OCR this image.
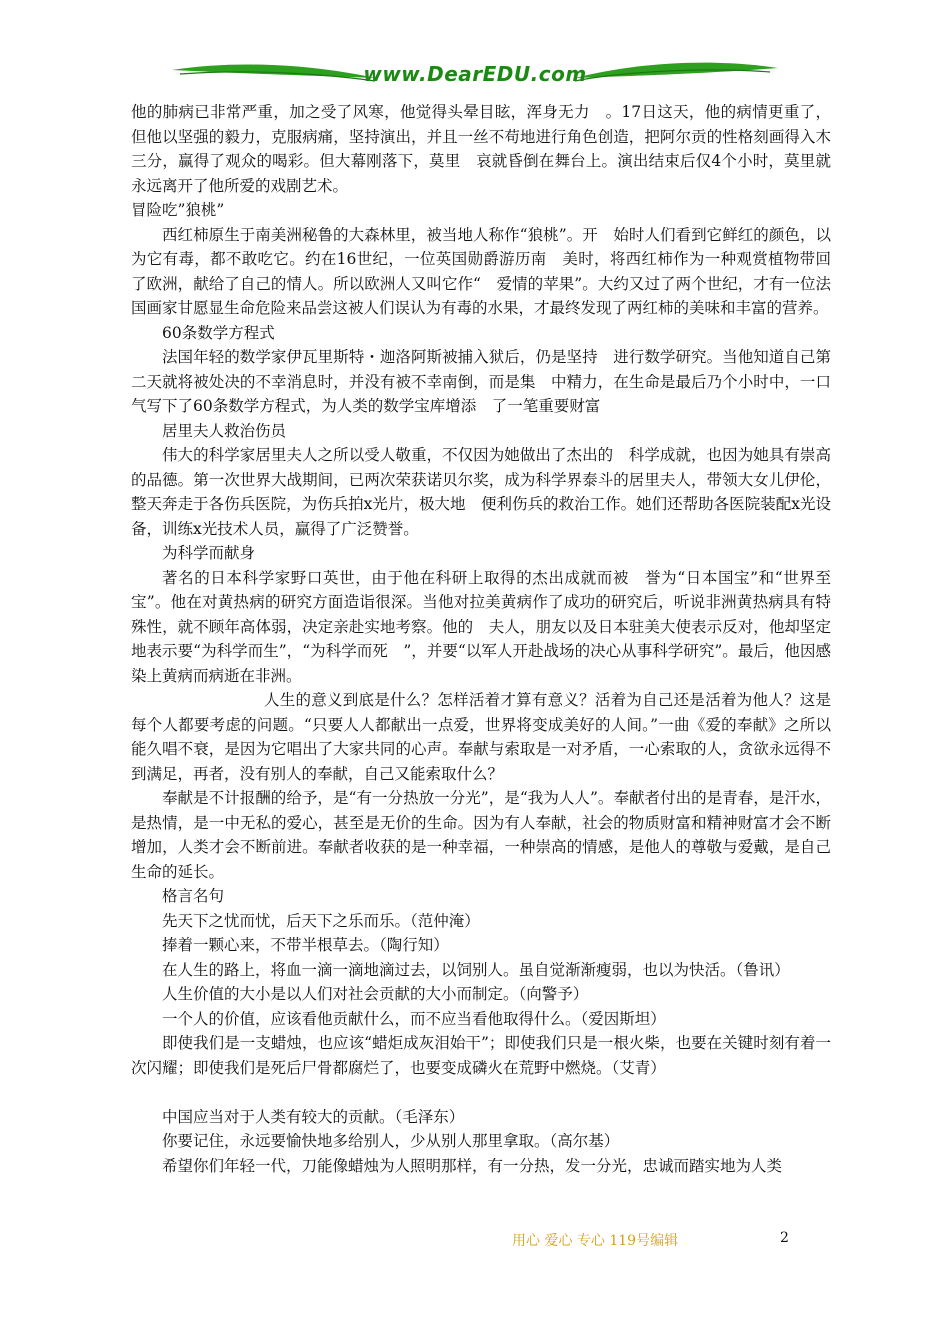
www.DearEDU.com

他的肺病已非常严重，加之受了风寒，他觉得头晕目眩，浑身无力　。17日这天，他的病情更重了，但他以坚强的毅力，克服病痛，坚持演出，并且一丝不苟地进行角色创造，把阿尔贡的性格刻画得入木三分，赢得了观众的喝彩。但大幕刚落下，莫里　哀就昏倒在舞台上。演出结束后仅4个小时，莫里就永远离开了他所爱的戏剧艺术。

冒险吃”狼桃”

西红柿原生于南美洲秘鲁的大森林里，被当地人称作“狼桃”。开　始时人们看到它鲜红的颜色，以为它有毒，都不敢吃它。约在16世纪，一位英国勋爵游历南　美时，将西红柿作为一种观赏植物带回了欧洲，献给了自己的情人。所以欧洲人又叫它作“　爱情的苹果”。大约又过了两个世纪，才有一位法国画家甘愿显生命危险来品尝这被人们误认为有毒的水果，才最终发现了两红柿的美味和丰富的营养。

60条数学方程式

法国年轻的数学家伊瓦里斯特・迦洛阿斯被捕入狱后，仍是坚持　进行数学研究。当他知道自己第二天就将被处决的不幸消息时，并没有被不幸南倒，而是集　中精力，在生命是最后乃个小时中，一口气写下了60条数学方程式，为人类的数学宝库增添　了一笔重要财富

居里夫人救治伤员

伟大的科学家居里夫人之所以受人敬重，不仅因为她做出了杰出的　科学成就，也因为她具有崇高的品德。第一次世界大战期间，已两次荣获诺贝尔奖，成为科学界泰斗的居里夫人，带领大女儿伊伦，整天奔走于各伤兵医院，为伤兵拍x光片，极大地　便利伤兵的救治工作。她们还帮助各医院装配x光设备，训练x光技术人员，赢得了广泛赞誉。

为科学而献身

著名的日本科学家野口英世，由于他在科研上取得的杰出成就而被　誉为“日本国宝”和“世界至宝”。他在对黄热病的研究方面造诣很深。当他对拉美黄病作了成功的研究后，听说非洲黄热病具有特殊性，就不顾年高体弱，决定亲赴实地考察。他的　夫人，朋友以及日本驻美大使表示反对，他却坚定地表示要“为科学而生”，“为科学而死　”，并要“以军人开赴战场的决心从事科学研究”。最后，他因感染上黄病而病逝在非洲。

人生的意义到底是什么？怎样活着才算有意义？活着为自己还是活着为他人？这是每个人都要考虑的问题。“只要人人都献出一点爱，世界将变成美好的人间。”一曲《爱的奉献》之所以能久唱不衰，是因为它唱出了大家共同的心声。奉献与索取是一对矛盾，一心索取的人，贪欲永远得不到满足，再者，没有别人的奉献，自己又能索取什么？

奉献是不计报酬的给予，是“有一分热放一分光”，是“我为人人”。奉献者付出的是青春，是汗水，是热情，是一中无私的爱心，甚至是无价的生命。因为有人奉献，社会的物质财富和精神财富才会不断增加，人类才会不断前进。奉献者收获的是一种幸福，一种崇高的情感，是他人的尊敬与爱戴，是自己生命的延长。

格言名句

先天下之忧而忧，后天下之乐而乐。（范仲淹）

捧着一颗心来，不带半根草去。（陶行知）

在人生的路上，将血一滴一滴地滴过去，以饲别人。虽自觉渐渐瘦弱，也以为快活。（鲁讯）

人生价值的大小是以人们对社会贡献的大小而制定。（向警予）

一个人的价值，应该看他贡献什么，而不应当看他取得什么。（爱因斯坦）

即使我们是一支蜡烛，也应该“蜡炬成灰泪始干”；即使我们只是一根火柴，也要在关键时刻有着一次闪耀；即使我们是死后尸骨都腐烂了，也要变成磷火在荒野中燃烧。（艾青）

中国应当对于人类有较大的贡献。（毛泽东）

你要记住，永远要愉快地多给别人，少从别人那里拿取。（高尔基）

希望你们年轻一代，刀能像蜡烛为人照明那样，有一分热，发一分光，忠诚而踏实地为人类

用心 爱心 专心 119号编辑	2
